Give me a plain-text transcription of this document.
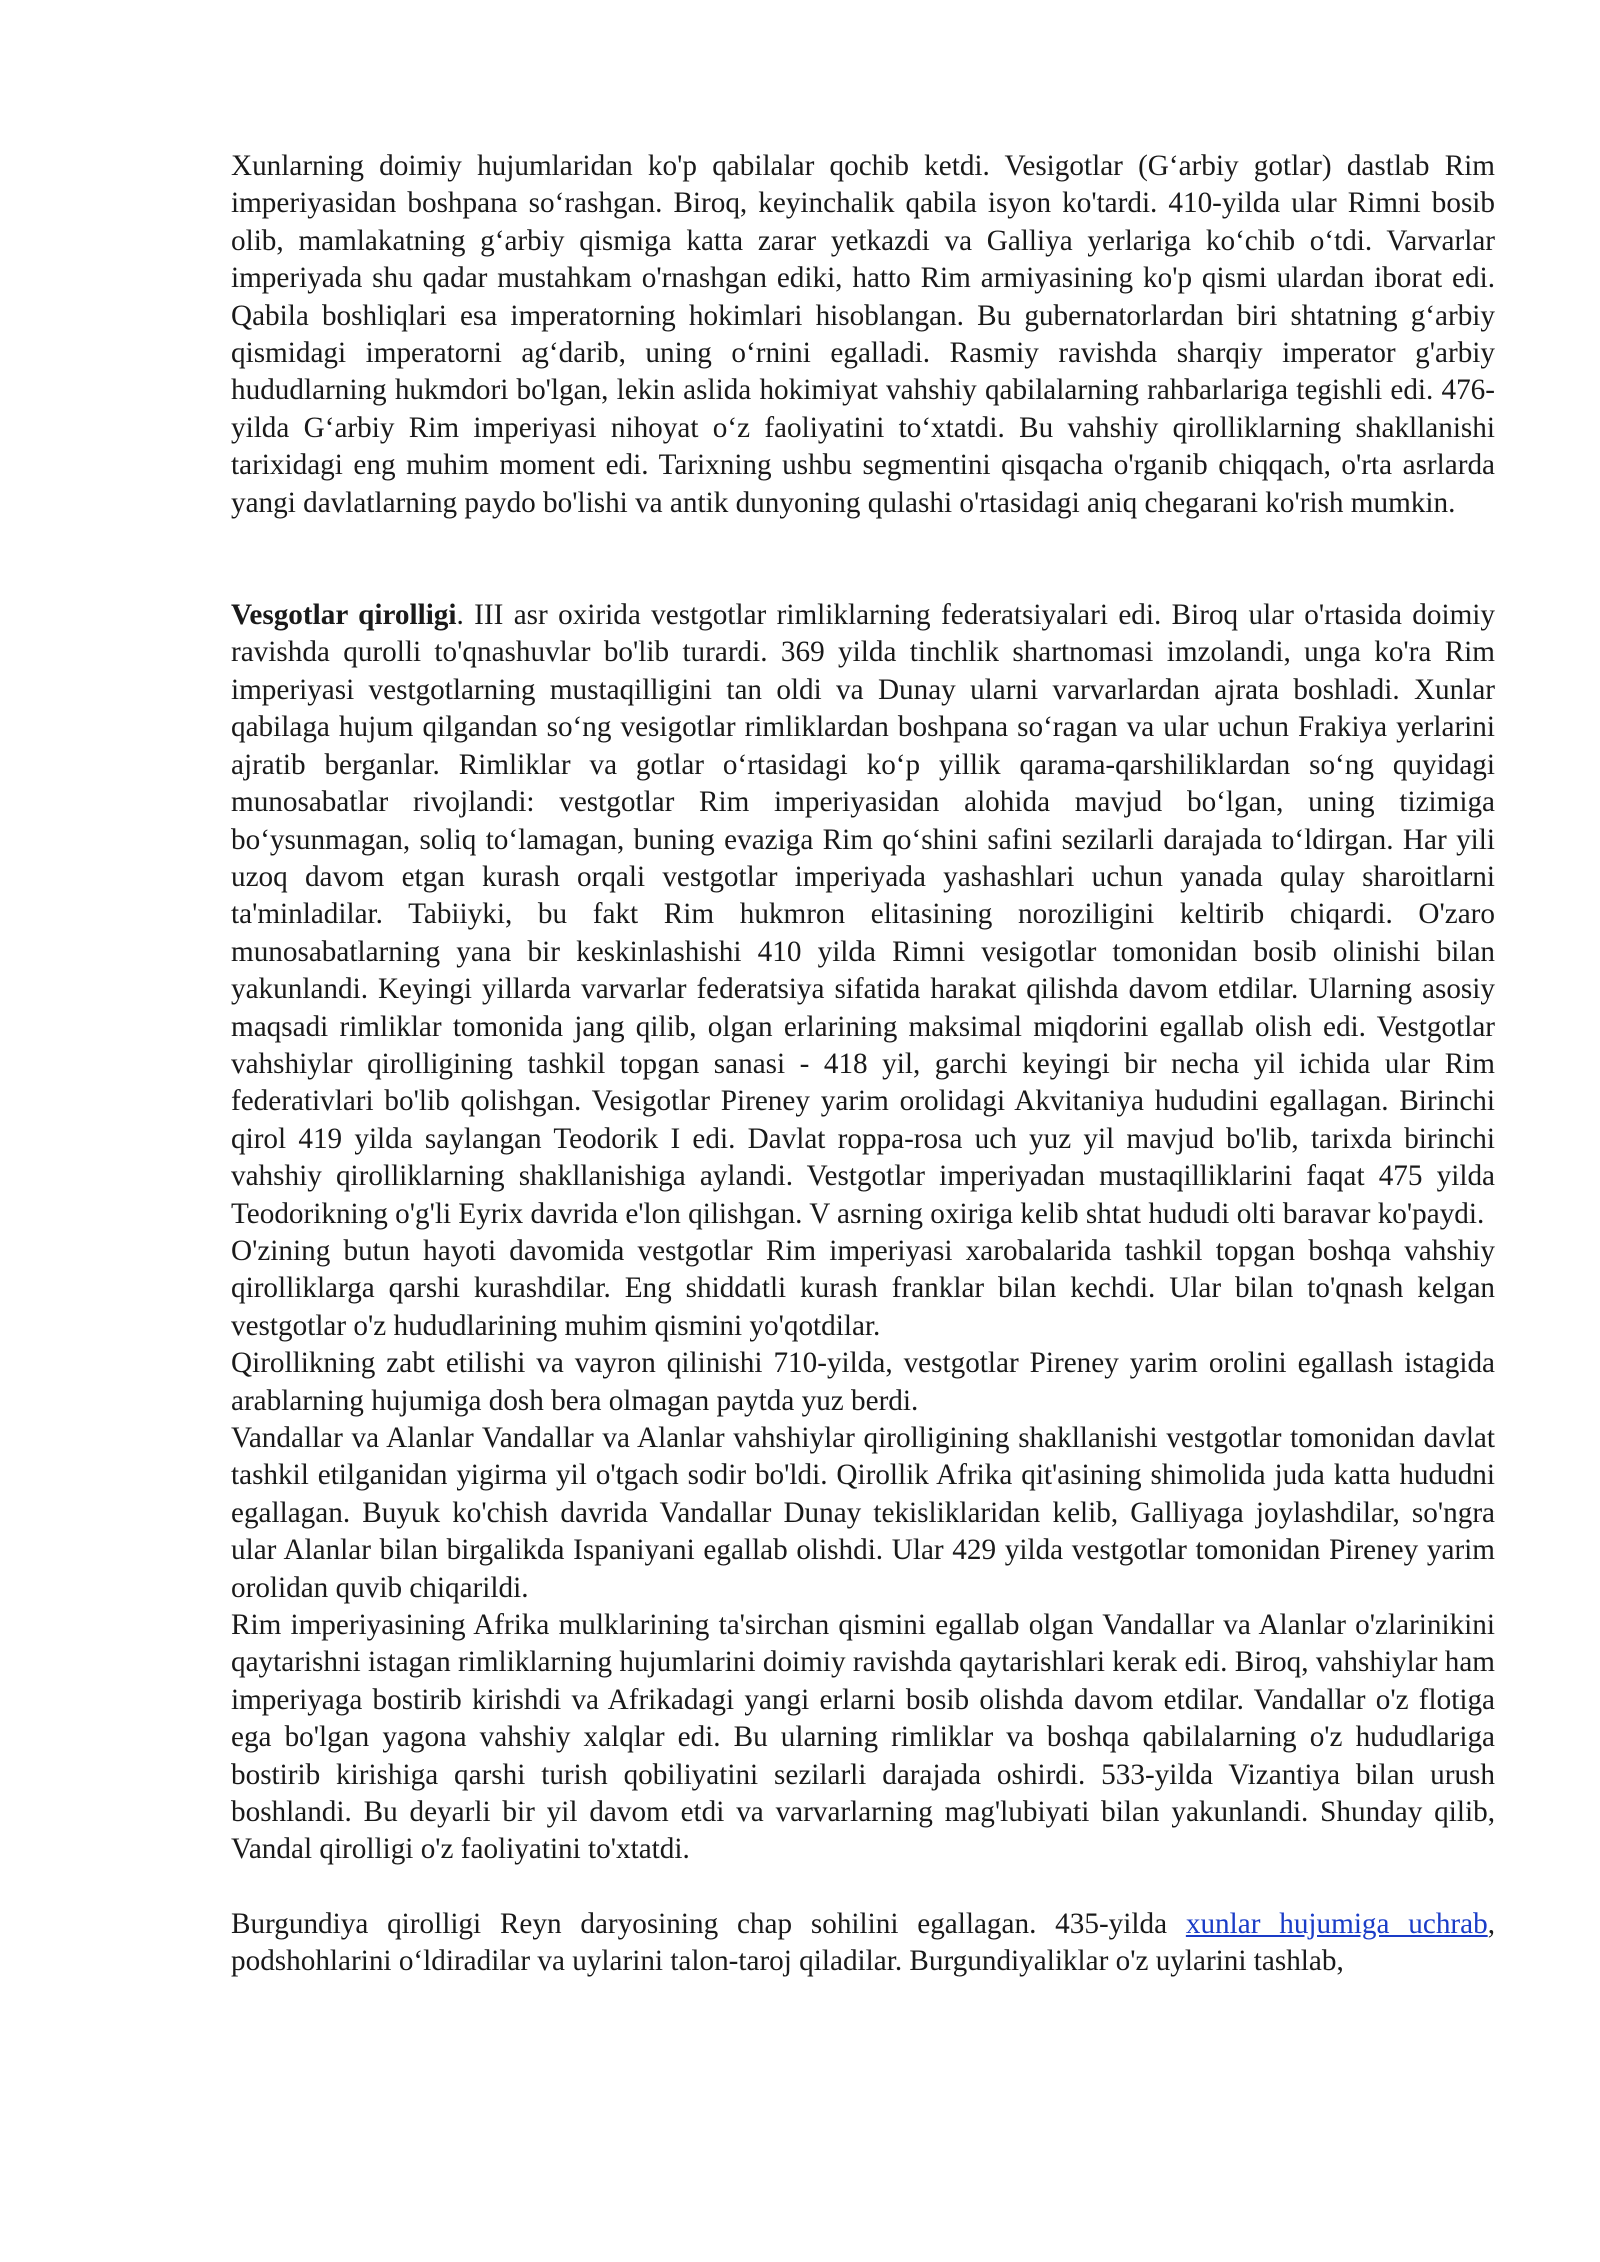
Xunlarning doimiy hujumlaridan ko'p qabilalar qochib ketdi. Vesigotlar (G‘arbiy gotlar) dastlab Rim imperiyasidan boshpana so‘rashgan. Biroq, keyinchalik qabila isyon ko'tardi. 410-yilda ular Rimni bosib olib, mamlakatning g‘arbiy qismiga katta zarar yetkazdi va Galliya yerlariga ko‘chib o‘tdi. Varvarlar imperiyada shu qadar mustahkam o'rnashgan ediki, hatto Rim armiyasining ko'p qismi ulardan iborat edi. Qabila boshliqlari esa imperatorning hokimlari hisoblangan. Bu gubernatorlardan biri shtatning g‘arbiy qismidagi imperatorni ag‘darib, uning o‘rnini egalladi. Rasmiy ravishda sharqiy imperator g'arbiy hududlarning hukmdori bo'lgan, lekin aslida hokimiyat vahshiy qabilalarning rahbarlariga tegishli edi. 476-yilda G‘arbiy Rim imperiyasi nihoyat o‘z faoliyatini to‘xtatdi. Bu vahshiy qirolliklarning shakllanishi tarixidagi eng muhim moment edi. Tarixning ushbu segmentini qisqacha o'rganib chiqqach, o'rta asrlarda yangi davlatlarning paydo bo'lishi va antik dunyoning qulashi o'rtasidagi aniq chegarani ko'rish mumkin.

Vesgotlar qirolligi. III asr oxirida vestgotlar rimliklarning federatsiyalari edi. Biroq ular o'rtasida doimiy ravishda qurolli to'qnashuvlar bo'lib turardi. 369 yilda tinchlik shartnomasi imzolandi, unga ko'ra Rim imperiyasi vestgotlarning mustaqilligini tan oldi va Dunay ularni varvarlardan ajrata boshladi. Xunlar qabilaga hujum qilgandan so‘ng vesigotlar rimliklardan boshpana so‘ragan va ular uchun Frakiya yerlarini ajratib berganlar. Rimliklar va gotlar o‘rtasidagi ko‘p yillik qarama-qarshiliklardan so‘ng quyidagi munosabatlar rivojlandi: vestgotlar Rim imperiyasidan alohida mavjud bo‘lgan, uning tizimiga bo‘ysunmagan, soliq to‘lamagan, buning evaziga Rim qo‘shini safini sezilarli darajada to‘ldirgan. Har yili uzoq davom etgan kurash orqali vestgotlar imperiyada yashashlari uchun yanada qulay sharoitlarni ta'minladilar. Tabiiyki, bu fakt Rim hukmron elitasining noroziligini keltirib chiqardi. O'zaro munosabatlarning yana bir keskinlashishi 410 yilda Rimni vesigotlar tomonidan bosib olinishi bilan yakunlandi. Keyingi yillarda varvarlar federatsiya sifatida harakat qilishda davom etdilar. Ularning asosiy maqsadi rimliklar tomonida jang qilib, olgan erlarining maksimal miqdorini egallab olish edi. Vestgotlar vahshiylar qirolligining tashkil topgan sanasi - 418 yil, garchi keyingi bir necha yil ichida ular Rim federativlari bo'lib qolishgan. Vesigotlar Pireney yarim orolidagi Akvitaniya hududini egallagan. Birinchi qirol 419 yilda saylangan Teodorik I edi. Davlat roppa-rosa uch yuz yil mavjud bo'lib, tarixda birinchi vahshiy qirolliklarning shakllanishiga aylandi. Vestgotlar imperiyadan mustaqilliklarini faqat 475 yilda Teodorikning o'g'li Eyrix davrida e'lon qilishgan. V asrning oxiriga kelib shtat hududi olti baravar ko'paydi.

O'zining butun hayoti davomida vestgotlar Rim imperiyasi xarobalarida tashkil topgan boshqa vahshiy qirolliklarga qarshi kurashdilar. Eng shiddatli kurash franklar bilan kechdi. Ular bilan to'qnash kelgan vestgotlar o'z hududlarining muhim qismini yo'qotdilar.

Qirollikning zabt etilishi va vayron qilinishi 710-yilda, vestgotlar Pireney yarim orolini egallash istagida arablarning hujumiga dosh bera olmagan paytda yuz berdi.

Vandallar va Alanlar Vandallar va Alanlar vahshiylar qirolligining shakllanishi vestgotlar tomonidan davlat tashkil etilganidan yigirma yil o'tgach sodir bo'ldi. Qirollik Afrika qit'asining shimolida juda katta hududni egallagan. Buyuk ko'chish davrida Vandallar Dunay tekisliklaridan kelib, Galliyaga joylashdilar, so'ngra ular Alanlar bilan birgalikda Ispaniyani egallab olishdi. Ular 429 yilda vestgotlar tomonidan Pireney yarim orolidan quvib chiqarildi.

Rim imperiyasining Afrika mulklarining ta'sirchan qismini egallab olgan Vandallar va Alanlar o'zlarinikini qaytarishni istagan rimliklarning hujumlarini doimiy ravishda qaytarishlari kerak edi. Biroq, vahshiylar ham imperiyaga bostirib kirishdi va Afrikadagi yangi erlarni bosib olishda davom etdilar. Vandallar o'z flotiga ega bo'lgan yagona vahshiy xalqlar edi. Bu ularning rimliklar va boshqa qabilalarning o'z hududlariga bostirib kirishiga qarshi turish qobiliyatini sezilarli darajada oshirdi. 533-yilda Vizantiya bilan urush boshlandi. Bu deyarli bir yil davom etdi va varvarlarning mag'lubiyati bilan yakunlandi. Shunday qilib, Vandal qirolligi o'z faoliyatini to'xtatdi.

Burgundiya qirolligi Reyn daryosining chap sohilini egallagan. 435-yilda xunlar hujumiga uchrab, podshohlarini o‘ldiradilar va uylarini talon-taroj qiladilar. Burgundiyaliklar o'z uylarini tashlab,
